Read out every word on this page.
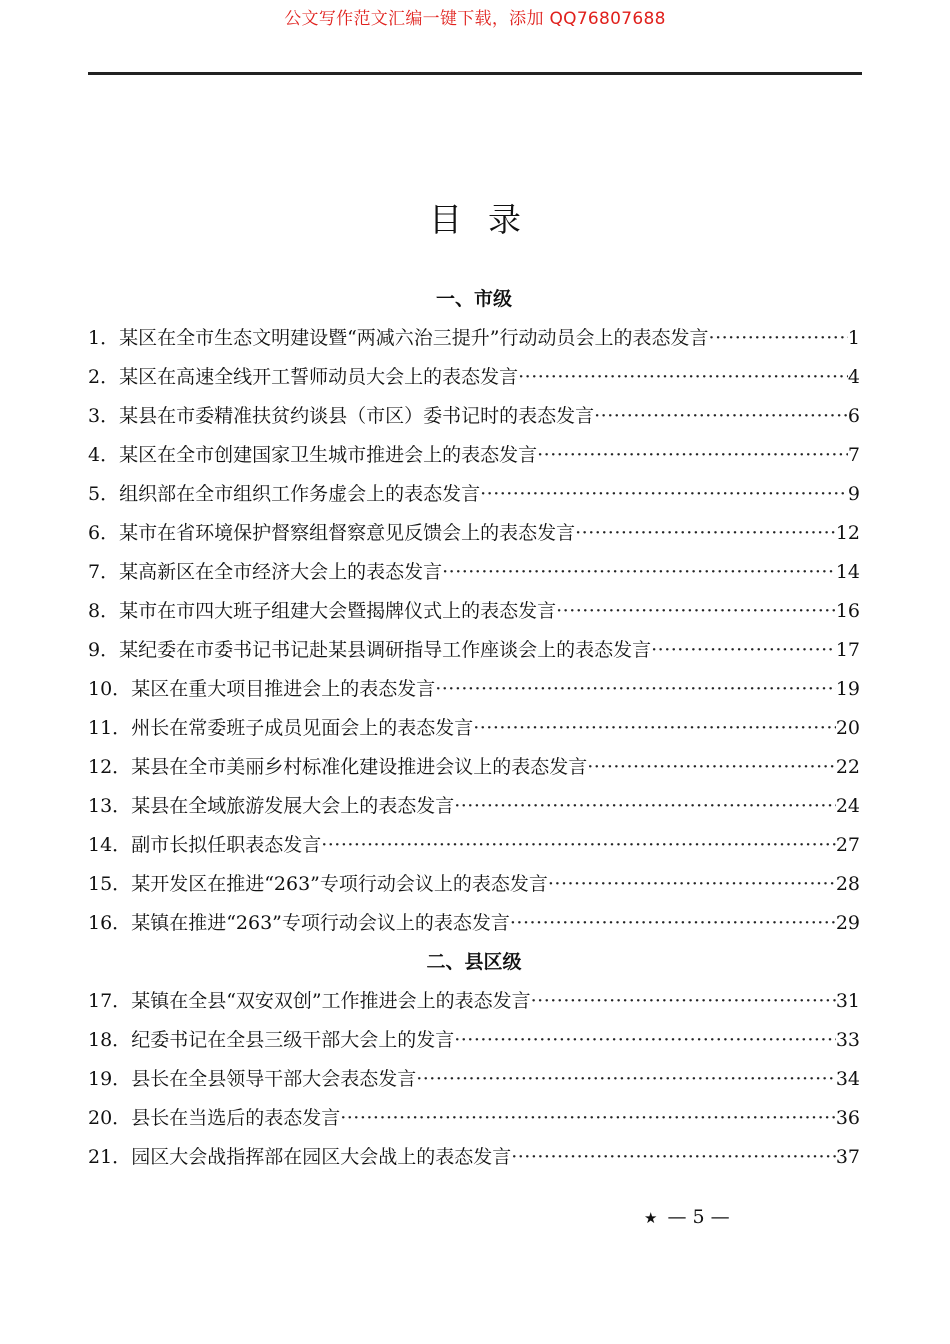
公文写作范文汇编一键下载，添加 QQ76807688
目录
一、市级
1． 某区在全市生态文明建设暨“两减六治三提升”行动动员会上的表态发言 ·····	1
2． 某区在高速全线开工誓师动员大会上的表态发言 ·····	4
3． 某县在市委精准扶贫约谈县（市区）委书记时的表态发言 ·····	6
4． 某区在全市创建国家卫生城市推进会上的表态发言 ·····	7
5． 组织部在全市组织工作务虚会上的表态发言 ·····	9
6． 某市在省环境保护督察组督察意见反馈会上的表态发言 ·····	12
7． 某高新区在全市经济大会上的表态发言 ·····	14
8． 某市在市四大班子组建大会暨揭牌仪式上的表态发言 ·····	16
9． 某纪委在市委书记书记赴某县调研指导工作座谈会上的表态发言 ·····	17
10． 某区在重大项目推进会上的表态发言 ·····	19
11． 州长在常委班子成员见面会上的表态发言 ·····	20
12． 某县在全市美丽乡村标准化建设推进会议上的表态发言 ·····	22
13． 某县在全域旅游发展大会上的表态发言 ·····	24
14． 副市长拟任职表态发言 ·····	27
15． 某开发区在推进“263”专项行动会议上的表态发言 ·····	28
16． 某镇在推进“263”专项行动会议上的表态发言 ·····	29
二、县区级
17． 某镇在全县“双安双创”工作推进会上的表态发言 ·····	31
18． 纪委书记在全县三级干部大会上的发言 ·····	33
19． 县长在全县领导干部大会表态发言 ·····	34
20． 县长在当选后的表态发言 ·····	36
21． 园区大会战指挥部在园区大会战上的表态发言 ·····	37
★ — 5 —
